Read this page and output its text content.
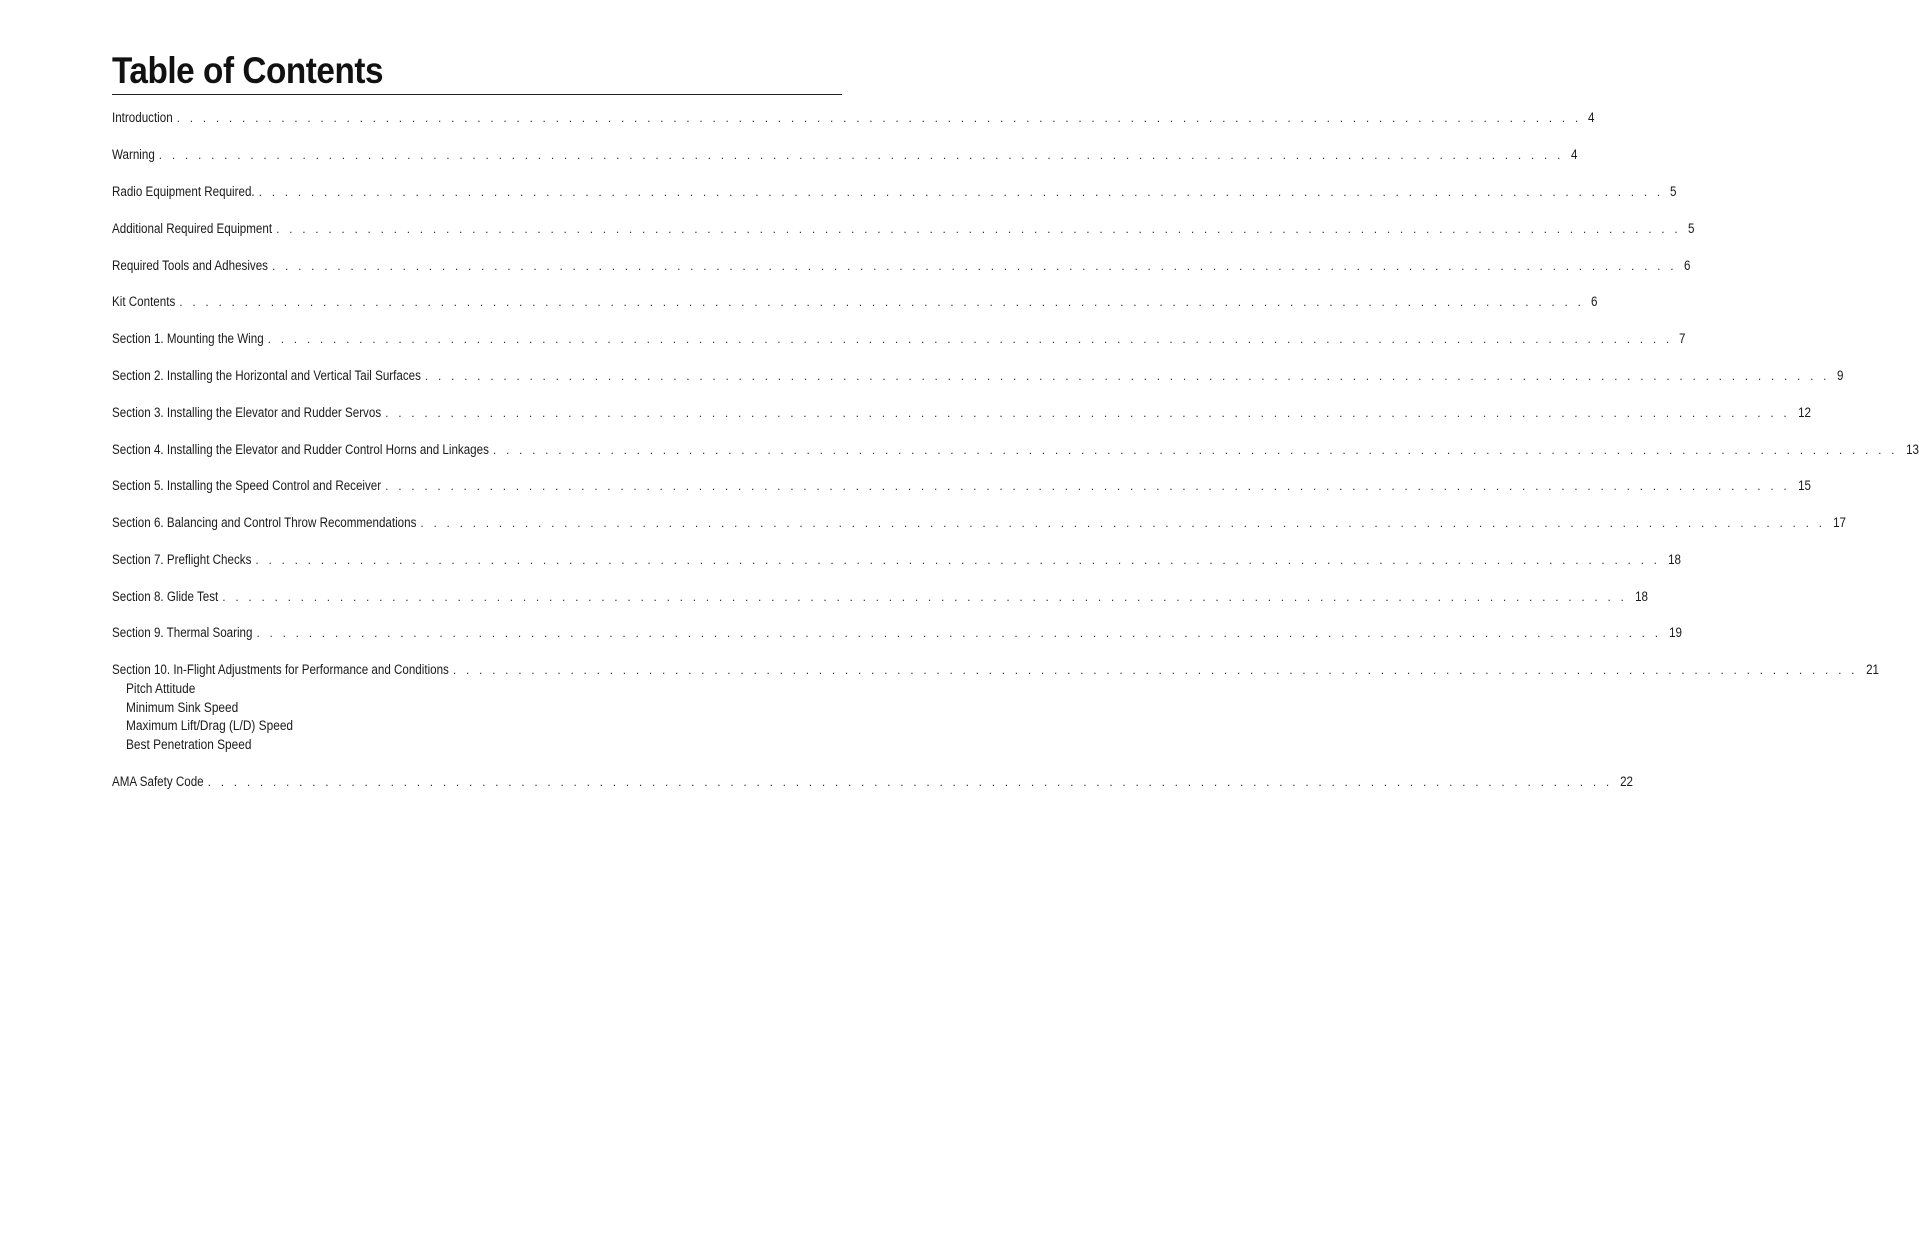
Table of Contents
Introduction . . . . . . . . . . . . . . . . . . . . . . . . . . . . . . . . . . . . . . . . . . . . . . . . . . . . . . . . . . . . . . . . . . . . . . . . . . . . . . . . . . . . . . . . . . . . . . . . . . . . . . . . . . . . 4
Warning . . . . . . . . . . . . . . . . . . . . . . . . . . . . . . . . . . . . . . . . . . . . . . . . . . . . . . . . . . . . . . . . . . . . . . . . . . . . . . . . . . . . . . . . . . . . . . . . . . . . . . . . . . . . 4
Radio Equipment Required. . . . . . . . . . . . . . . . . . . . . . . . . . . . . . . . . . . . . . . . . . . . . . . . . . . . . . . . . . . . . . . . . . . . . . . . . . . . . . . . . . . . . . . . . . . . . . . . . . . . . . . . . . . . . 5
Additional Required Equipment . . . . . . . . . . . . . . . . . . . . . . . . . . . . . . . . . . . . . . . . . . . . . . . . . . . . . . . . . . . . . . . . . . . . . . . . . . . . . . . . . . . . . . . . . . . . . . . . . . . . . . . . . . . . 5
Required Tools and Adhesives . . . . . . . . . . . . . . . . . . . . . . . . . . . . . . . . . . . . . . . . . . . . . . . . . . . . . . . . . . . . . . . . . . . . . . . . . . . . . . . . . . . . . . . . . . . . . . . . . . . . . . . . . . . . 6
Kit Contents . . . . . . . . . . . . . . . . . . . . . . . . . . . . . . . . . . . . . . . . . . . . . . . . . . . . . . . . . . . . . . . . . . . . . . . . . . . . . . . . . . . . . . . . . . . . . . . . . . . . . . . . . . . . 6
Section 1. Mounting the Wing . . . . . . . . . . . . . . . . . . . . . . . . . . . . . . . . . . . . . . . . . . . . . . . . . . . . . . . . . . . . . . . . . . . . . . . . . . . . . . . . . . . . . . . . . . . . . . . . . . . . . . . . . . . . 7
Section 2. Installing the Horizontal and Vertical Tail Surfaces . . . . . . . . . . . . . . . . . . . . . . . . . . . . . . . . . . . . . . . . . . . . . . . . . . . . . . . . . . . . . . . . . . . . . . . . . . . . . . . . . . . . . . . . . . . . . . . . . . . . . . . . . . . . 9
Section 3. Installing the Elevator and Rudder Servos . . . . . . . . . . . . . . . . . . . . . . . . . . . . . . . . . . . . . . . . . . . . . . . . . . . . . . . . . . . . . . . . . . . . . . . . . . . . . . . . . . . . . . . . . . . . . . . . . . . . . . . . . . . . 12
Section 4. Installing the Elevator and Rudder Control Horns and Linkages . . . . . . . . . . . . . . . . . . . . . . . . . . . . . . . . . . . . . . . . . . . . . . . . . . . . . . . . . . . . . . . . . . . . . . . . . . . . . . . . . . . . . . . . . . . . . . . . . . . . . . . . . . . . 13
Section 5. Installing the Speed Control and Receiver . . . . . . . . . . . . . . . . . . . . . . . . . . . . . . . . . . . . . . . . . . . . . . . . . . . . . . . . . . . . . . . . . . . . . . . . . . . . . . . . . . . . . . . . . . . . . . . . . . . . . . . . . . . . 15
Section 6. Balancing and Control Throw Recommendations . . . . . . . . . . . . . . . . . . . . . . . . . . . . . . . . . . . . . . . . . . . . . . . . . . . . . . . . . . . . . . . . . . . . . . . . . . . . . . . . . . . . . . . . . . . . . . . . . . . . . . . . . . . . 17
Section 7. Preflight Checks . . . . . . . . . . . . . . . . . . . . . . . . . . . . . . . . . . . . . . . . . . . . . . . . . . . . . . . . . . . . . . . . . . . . . . . . . . . . . . . . . . . . . . . . . . . . . . . . . . . . . . . . . . . . 18
Section 8. Glide Test . . . . . . . . . . . . . . . . . . . . . . . . . . . . . . . . . . . . . . . . . . . . . . . . . . . . . . . . . . . . . . . . . . . . . . . . . . . . . . . . . . . . . . . . . . . . . . . . . . . . . . . . . . . . 18
Section 9. Thermal Soaring . . . . . . . . . . . . . . . . . . . . . . . . . . . . . . . . . . . . . . . . . . . . . . . . . . . . . . . . . . . . . . . . . . . . . . . . . . . . . . . . . . . . . . . . . . . . . . . . . . . . . . . . . . . . 19
Section 10. In-Flight Adjustments for Performance and Conditions . . . . . . . . . . . . . . . . . . . . . . . . . . . . . . . . . . . . . . . . . . . . . . . . . . . . . . . . . . . . . . . . . . . . . . . . . . . . . . . . . . . . . . . . . . . . . . . . . . . . . . . . . . . . 21
Pitch Attitude
Minimum Sink Speed
Maximum Lift/Drag (L/D) Speed
Best Penetration Speed
AMA Safety Code . . . . . . . . . . . . . . . . . . . . . . . . . . . . . . . . . . . . . . . . . . . . . . . . . . . . . . . . . . . . . . . . . . . . . . . . . . . . . . . . . . . . . . . . . . . . . . . . . . . . . . . . . . . . 22
